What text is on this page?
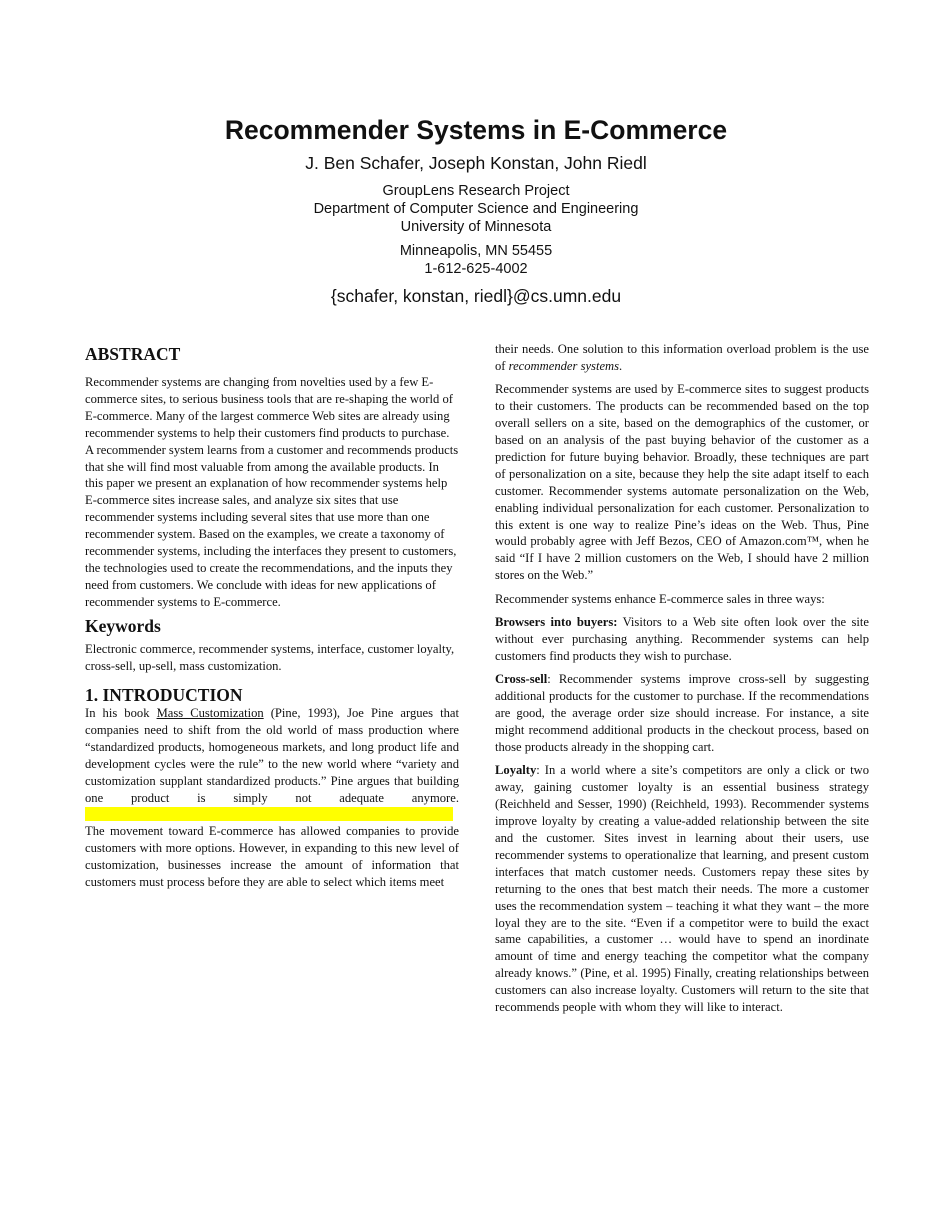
Recommender Systems in E-Commerce
J. Ben Schafer, Joseph Konstan, John Riedl
GroupLens Research Project
Department of Computer Science and Engineering
University of Minnesota
Minneapolis, MN 55455
1-612-625-4002
{schafer, konstan, riedl}@cs.umn.edu
ABSTRACT

Recommender systems are changing from novelties used by a few E-commerce sites, to serious business tools that are re-shaping the world of E-commerce. Many of the largest commerce Web sites are already using recommender systems to help their customers find products to purchase. A recommender system learns from a customer and recommends products that she will find most valuable from among the available products. In this paper we present an explanation of how recommender systems help E-commerce sites increase sales, and analyze six sites that use recommender systems including several sites that use more than one recommender system. Based on the examples, we create a taxonomy of recommender systems, including the interfaces they present to customers, the technologies used to create the recommendations, and the inputs they need from customers. We conclude with ideas for new applications of recommender systems to E-commerce.

Keywords

Electronic commerce, recommender systems, interface, customer loyalty, cross-sell, up-sell, mass customization.

1. INTRODUCTION

In his book Mass Customization (Pine, 1993), Joe Pine argues that companies need to shift from the old world of mass production where “standardized products, homogeneous markets, and long product life and development cycles were the rule” to the new world where “variety and customization supplant standardized products.” Pine argues that building one product is simply not adequate anymore.The movement toward E-commerce has allowed companies to provide customers with more options. However, in expanding to this new level of customization, businesses increase the amount of information that customers must process before they are able to select which items meet

their needs. One solution to this information overload problem is the use of recommender systems.

Recommender systems are used by E-commerce sites to suggest products to their customers. The products can be recommended based on the top overall sellers on a site, based on the demographics of the customer, or based on an analysis of the past buying behavior of the customer as a prediction for future buying behavior. Broadly, these techniques are part of personalization on a site, because they help the site adapt itself to each customer. Recommender systems automate personalization on the Web, enabling individual personalization for each customer. Personalization to this extent is one way to realize Pine’s ideas on the Web. Thus, Pine would probably agree with Jeff Bezos, CEO of Amazon.com™, when he said “If I have 2 million customers on the Web, I should have 2 million stores on the Web.”

Recommender systems enhance E-commerce sales in three ways:

Browsers into buyers: Visitors to a Web site often look over the site without ever purchasing anything. Recommender systems can help customers find products they wish to purchase.

Cross-sell: Recommender systems improve cross-sell by suggesting additional products for the customer to purchase. If the recommendations are good, the average order size should increase. For instance, a site might recommend additional products in the checkout process, based on those products already in the shopping cart.

Loyalty: In a world where a site’s competitors are only a click or two away, gaining customer loyalty is an essential business strategy (Reichheld and Sesser, 1990) (Reichheld, 1993). Recommender systems improve loyalty by creating a value-added relationship between the site and the customer. Sites invest in learning about their users, use recommender systems to operationalize that learning, and present custom interfaces that match customer needs. Customers repay these sites by returning to the ones that best match their needs. The more a customer uses the recommendation system – teaching it what they want – the more loyal they are to the site. “Even if a competitor were to build the exact same capabilities, a customer … would have to spend an inordinate amount of time and energy teaching the competitor what the company already knows.” (Pine, et al. 1995) Finally, creating relationships between customers can also increase loyalty. Customers will return to the site that recommends people with whom they will like to interact.
